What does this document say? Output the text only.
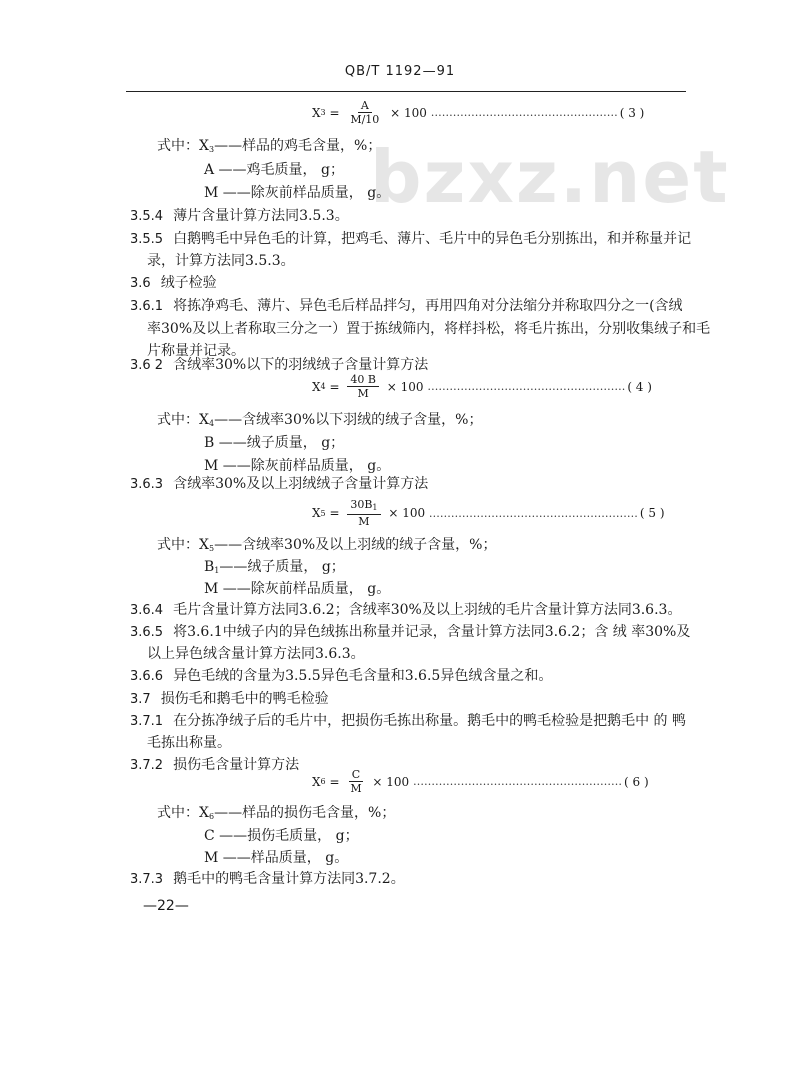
bzxz.net
QB/T 1192—91
X $3 = \frac{A}{M/10} \times 100$ …………………………………………… ( 3 )
式中：$X_3——$样品的鸡毛含量，%；
A ——鸡毛质量， g；
M ——除灰前样品质量， g。
3.5.4 薄片含量计算方法同3.5.3。
3.5.5 白鹅鸭毛中异色毛的计算，把鸡毛、薄片、毛片中的异色毛分别拣出，和并称量并记
录，计算方法同3.5.3。
3.6 绒子检验
3.6.1 将拣净鸡毛、薄片、异色毛后样品拌匀，再用四角对分法缩分并称取四分之一(含绒
率30%及以上者称取三分之一）置于拣绒筛内，将样抖松，将毛片拣出，分别收集绒子和毛
片称量并记录。
3.6 2 含绒率30%以下的羽绒绒子含量计算方法
X $4 = \frac{40 B}{M} \times 100$ ……………………………………………… ( 4 )
式中：$X_4——$含绒率30%以下羽绒的绒子含量，%；
B ——绒子质量， g；
M ——除灰前样品质量， g。
3.6.3 含绒率30%及以上羽绒绒子含量计算方法
X $5 = \frac{30B_1}{M} \times 100$ ………………………………………………… ( 5 )
式中：$X_5——$含绒率30%及以上羽绒的绒子含量，%；
$B_1——$绒子质量， g；
M ——除灰前样品质量， g。
3.6.4 毛片含量计算方法同3.6.2；含绒率30%及以上羽绒的毛片含量计算方法同3.6.3。
3.6.5 将3.6.1中绒子内的异色绒拣出称量并记录，含量计算方法同3.6.2；含 绒 率30%及
以上异色绒含量计算方法同3.6.3。
3.6.6 异色毛绒的含量为3.5.5异色毛含量和3.6.5异色绒含量之和。
3.7 损伤毛和鹅毛中的鸭毛检验
3.7.1 在分拣净绒子后的毛片中，把损伤毛拣出称量。鹅毛中的鸭毛检验是把鹅毛中 的 鸭
毛拣出称量。
3.7.2 损伤毛含量计算方法
X $6 = \frac{C}{M} \times 100$ ………………………………………………… ( 6 )
式中：$X_6——$样品的损伤毛含量，%；
C ——损伤毛质量， g；
M ——样品质量， g。
3.7.3 鹅毛中的鸭毛含量计算方法同3.7.2。
—22—
